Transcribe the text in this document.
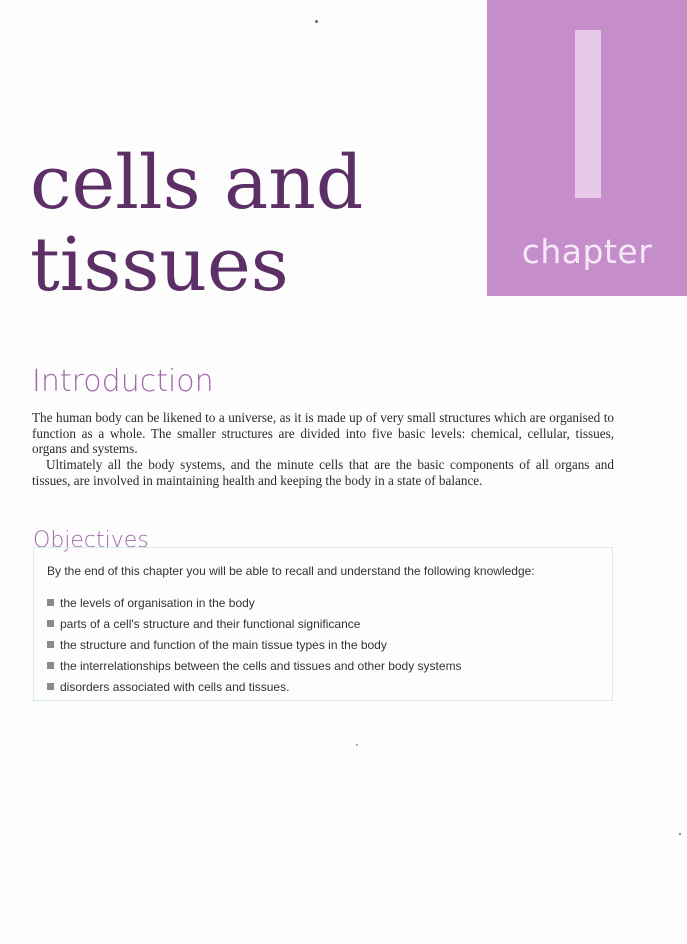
chapter
cells and
tissues
Introduction

The human body can be likened to a universe, as it is made up of very small structures which are organised to function as a whole. The smaller structures are divided into five basic levels: chemical, cellular, tissues, organs and systems.

Ultimately all the body systems, and the minute cells that are the basic components of all organs and tissues, are involved in maintaining health and keeping the body in a state of balance.

Objectives

By the end of this chapter you will be able to recall and understand the following knowledge:

the levels of organisation in the body
parts of a cell's structure and their functional significance
the structure and function of the main tissue types in the body
the interrelationships between the cells and tissues and other body systems
disorders associated with cells and tissues.
